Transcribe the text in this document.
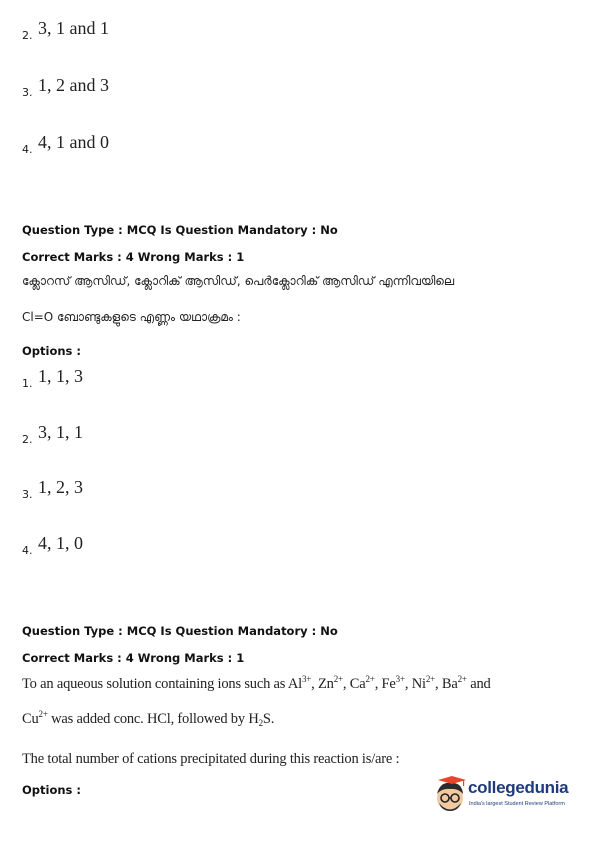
2. 3, 1 and 1
3. 1, 2 and 3
4. 4, 1 and 0
Question Type : MCQ Is Question Mandatory : No
Correct Marks : 4 Wrong Marks : 1
ക്ലോറസ് ആസിഡ്, ക്ലോറിക് ആസിഡ്, പെർക്ലോറിക് ആസിഡ് എന്നിവയിലെ
Cl=O ബോണ്ടുകളുടെ എണ്ണം യഥാക്രമം :
Options :
1. 1, 1, 3
2. 3, 1, 1
3. 1, 2, 3
4. 4, 1, 0
Question Type : MCQ Is Question Mandatory : No
Correct Marks : 4 Wrong Marks : 1
To an aqueous solution containing ions such as $Al^{3+}$, $Zn^{2+}$, $Ca^{2+}$, $Fe^{3+}$, $Ni^{2+}$, $Ba^{2+}$ and
$Cu^{2+}$ was added conc. HCl, followed by $H_2S$.
The total number of cations precipitated during this reaction is/are :
Options :	collegedunia
India's largest Student Review Platform
